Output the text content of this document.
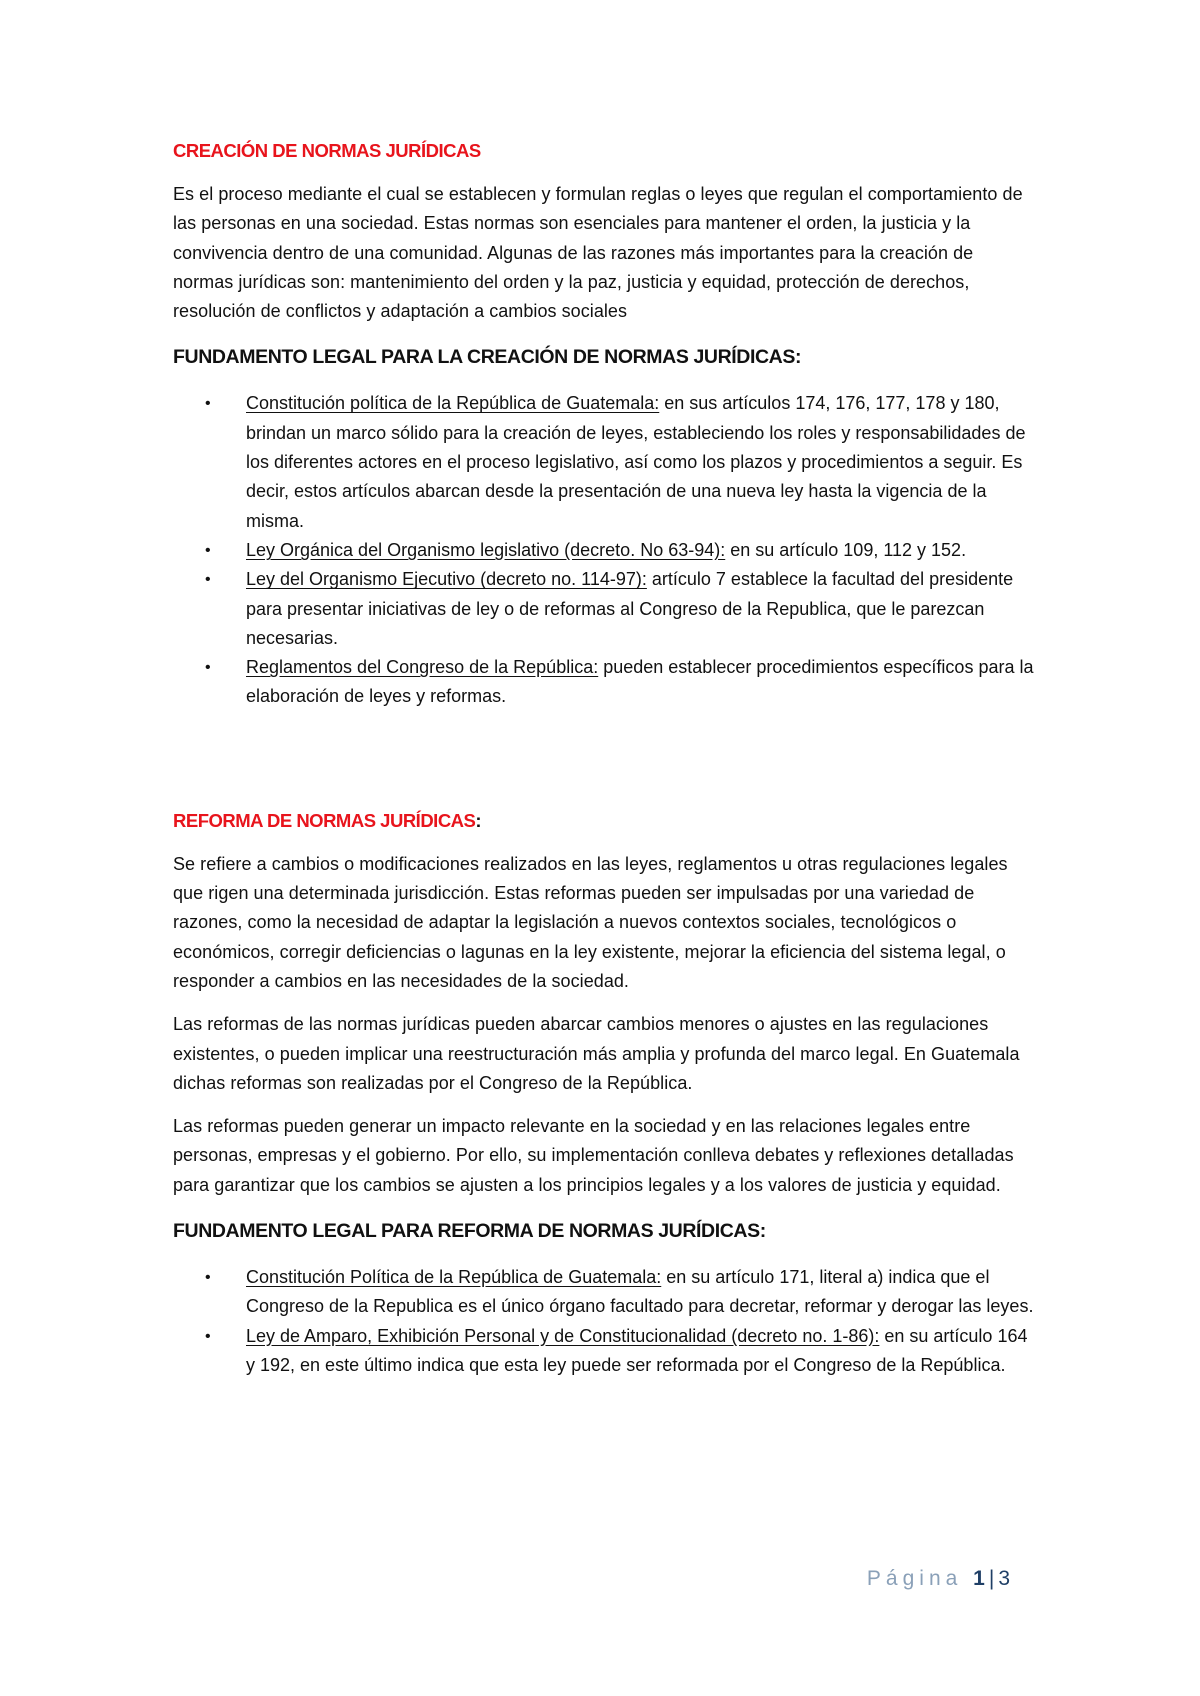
CREACIÓN DE NORMAS JURÍDICAS

Es el proceso mediante el cual se establecen y formulan reglas o leyes que regulan el comportamiento de las personas en una sociedad. Estas normas son esenciales para mantener el orden, la justicia y la convivencia dentro de una comunidad. Algunas de las razones más importantes para la creación de normas jurídicas son: mantenimiento del orden y la paz, justicia y equidad, protección de derechos, resolución de conflictos y adaptación a cambios sociales

FUNDAMENTO LEGAL PARA LA CREACIÓN DE NORMAS JURÍDICAS:
• Constitución política de la República de Guatemala: en sus artículos 174, 176, 177, 178 y 180, brindan un marco sólido para la creación de leyes, estableciendo los roles y responsabilidades de los diferentes actores en el proceso legislativo, así como los plazos y procedimientos a seguir. Es decir, estos artículos abarcan desde la presentación de una nueva ley hasta la vigencia de la misma.
• Ley Orgánica del Organismo legislativo (decreto. No 63-94): en su artículo 109, 112 y 152.
• Ley del Organismo Ejecutivo (decreto no. 114-97): artículo 7 establece la facultad del presidente para presentar iniciativas de ley o de reformas al Congreso de la Republica, que le parezcan necesarias.
• Reglamentos del Congreso de la República: pueden establecer procedimientos específicos para la elaboración de leyes y reformas.
REFORMA DE NORMAS JURÍDICAS:

Se refiere a cambios o modificaciones realizados en las leyes, reglamentos u otras regulaciones legales que rigen una determinada jurisdicción. Estas reformas pueden ser impulsadas por una variedad de razones, como la necesidad de adaptar la legislación a nuevos contextos sociales, tecnológicos o económicos, corregir deficiencias o lagunas en la ley existente, mejorar la eficiencia del sistema legal, o responder a cambios en las necesidades de la sociedad.

Las reformas de las normas jurídicas pueden abarcar cambios menores o ajustes en las regulaciones existentes, o pueden implicar una reestructuración más amplia y profunda del marco legal. En Guatemala dichas reformas son realizadas por el Congreso de la República.

Las reformas pueden generar un impacto relevante en la sociedad y en las relaciones legales entre personas, empresas y el gobierno. Por ello, su implementación conlleva debates y reflexiones detalladas para garantizar que los cambios se ajusten a los principios legales y a los valores de justicia y equidad.

FUNDAMENTO LEGAL PARA REFORMA DE NORMAS JURÍDICAS:
• Constitución Política de la República de Guatemala: en su artículo 171, literal a) indica que el Congreso de la Republica es el único órgano facultado para decretar, reformar y derogar las leyes.
• Ley de Amparo, Exhibición Personal y de Constitucionalidad (decreto no. 1-86): en su artículo 164 y 192, en este último indica que esta ley puede ser reformada por el Congreso de la República.
Página 1 | 3
